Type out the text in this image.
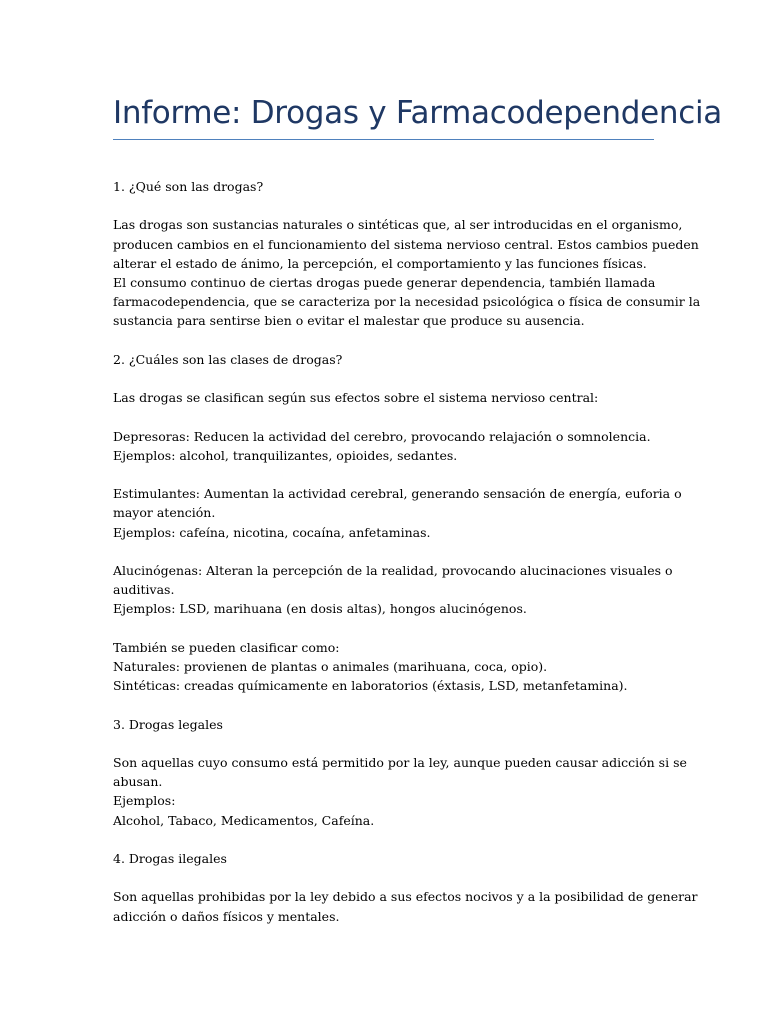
Informe: Drogas y Farmacodependencia

1. ¿Qué son las drogas?

Las drogas son sustancias naturales o sintéticas que, al ser introducidas en el organismo,

producen cambios en el funcionamiento del sistema nervioso central. Estos cambios pueden

alterar el estado de ánimo, la percepción, el comportamiento y las funciones físicas.

El consumo continuo de ciertas drogas puede generar dependencia, también llamada

farmacodependencia, que se caracteriza por la necesidad psicológica o física de consumir la

sustancia para sentirse bien o evitar el malestar que produce su ausencia.

2. ¿Cuáles son las clases de drogas?

Las drogas se clasifican según sus efectos sobre el sistema nervioso central:

Depresoras: Reducen la actividad del cerebro, provocando relajación o somnolencia.

Ejemplos: alcohol, tranquilizantes, opioides, sedantes.

Estimulantes: Aumentan la actividad cerebral, generando sensación de energía, euforia o

mayor atención.

Ejemplos: cafeína, nicotina, cocaína, anfetaminas.

Alucinógenas: Alteran la percepción de la realidad, provocando alucinaciones visuales o

auditivas.

Ejemplos: LSD, marihuana (en dosis altas), hongos alucinógenos.

También se pueden clasificar como:

Naturales: provienen de plantas o animales (marihuana, coca, opio).

Sintéticas: creadas químicamente en laboratorios (éxtasis, LSD, metanfetamina).

3. Drogas legales

Son aquellas cuyo consumo está permitido por la ley, aunque pueden causar adicción si se

abusan.

Ejemplos:

Alcohol, Tabaco, Medicamentos, Cafeína.

4. Drogas ilegales

Son aquellas prohibidas por la ley debido a sus efectos nocivos y a la posibilidad de generar

adicción o daños físicos y mentales.
